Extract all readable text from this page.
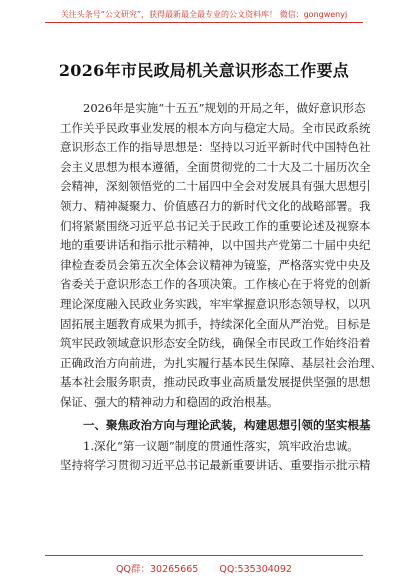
关注头条号“公文研究”，获得最新最全最专业的公文资料库！ 微信：gongwenyj
2026年市民政局机关意识形态工作要点
2026年是实施“十五五”规划的开局之年，做好意识形态
工作关乎民政事业发展的根本方向与稳定大局。全市民政系统
意识形态工作的指导思想是：坚持以习近平新时代中国特色社
会主义思想为根本遵循，全面贯彻党的二十大及二十届历次全
会精神，深刻领悟党的二十届四中全会对发展具有强大思想引
领力、精神凝聚力、价值感召力的新时代文化的战略部署。我
们将紧紧围绕习近平总书记关于民政工作的重要论述及视察本
地的重要讲话和指示批示精神，以中国共产党第二十届中央纪
律检查委员会第五次全体会议精神为镜鉴，严格落实党中央及
省委关于意识形态工作的各项决策。工作核心在于将党的创新
理论深度融入民政业务实践，牢牢掌握意识形态领导权，以巩
固拓展主题教育成果为抓手，持续深化全面从严治党。目标是
筑牢民政领域意识形态安全防线，确保全市民政工作始终沿着
正确政治方向前进，为扎实履行基本民生保障、基层社会治理、
基本社会服务职责，推动民政事业高质量发展提供坚强的思想
保证、强大的精神动力和稳固的政治根基。
一、聚焦政治方向与理论武装，构建思想引领的坚实根基
1.深化“第一议题”制度的贯通性落实，筑牢政治忠诚。
坚持将学习贯彻习近平总书记最新重要讲话、重要指示批示精
QQ群：30265665 QQ:535304092
